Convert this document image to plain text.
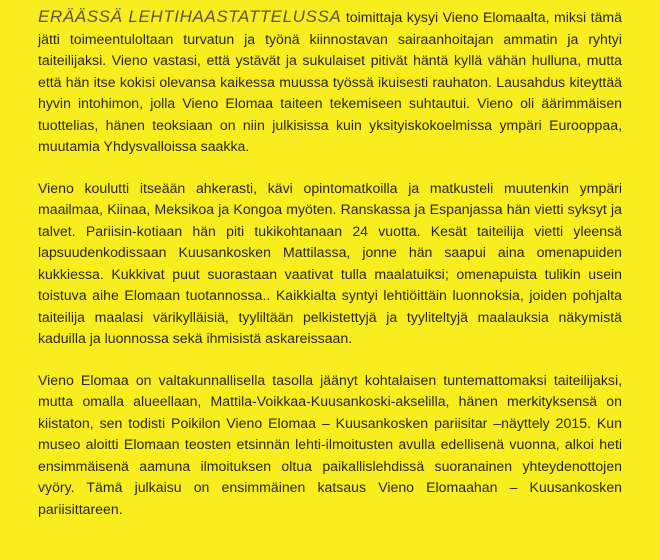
ERÄÄSSÄ LEHTIHAASTATTELUSSA toimittaja kysyi Vieno Elomaalta, miksi tämä jätti toimeentuloltaan turvatun ja työnä kiinnostavan sairaanhoitajan ammatin ja ryhtyi taiteilijaksi. Vieno vastasi, että ystävät ja sukulaiset pitivät häntä kyllä vähän hulluna, mutta että hän itse kokisi olevansa kaikessa muussa työssä ikuisesti rauhaton. Lausahdus kiteyttää hyvin intohimon, jolla Vieno Elomaa taiteen tekemiseen suhtautui. Vieno oli äärimmäisen tuottelias, hänen teoksiaan on niin julkisissa kuin yksityiskokoelmissa ympäri Eurooppaa, muutamia Yhdysvalloissa saakka.

Vieno koulutti itseään ahkerasti, kävi opintomatkoilla ja matkusteli muutenkin ympäri maailmaa, Kiinaa, Meksikoa ja Kongoa myöten. Ranskassa ja Espanjassa hän vietti syksyt ja talvet. Pariisin-kotiaan hän piti tukikohtanaan 24 vuotta. Kesät taiteilija vietti yleensä lapsuudenkodissaan Kuusankosken Mattilassa, jonne hän saapui aina omenapuiden kukkiessa. Kukkivat puut suorastaan vaativat tulla maalatuiksi; omenapuista tulikin usein toistuva aihe Elomaan tuotannossa.. Kaikkialta syntyi lehtiöittäin luonnoksia, joiden pohjalta taiteilija maalasi värikylläisiä, tyyliltään pelkistettyjä ja tyyliteltyjä maalauksia näkymistä kaduilla ja luonnossa sekä ihmisistä askareissaan.

Vieno Elomaa on valtakunnallisella tasolla jäänyt kohtalaisen tuntemattomaksi taiteilijaksi, mutta omalla alueellaan, Mattila-Voikkaa-Kuusankoski-akselilla, hänen merkityksensä on kiistaton, sen todisti Poikilon Vieno Elomaa – Kuusankosken pariisitar –näyttely 2015. Kun museo aloitti Elomaan teosten etsinnän lehti-ilmoitusten avulla edellisenä vuonna, alkoi heti ensimmäisenä aamuna ilmoituksen oltua paikallislehdissä suoranainen yhteydenottojen vyöry. Tämä julkaisu on ensimmäinen katsaus Vieno Elomaahan – Kuusankosken pariisittareen.
